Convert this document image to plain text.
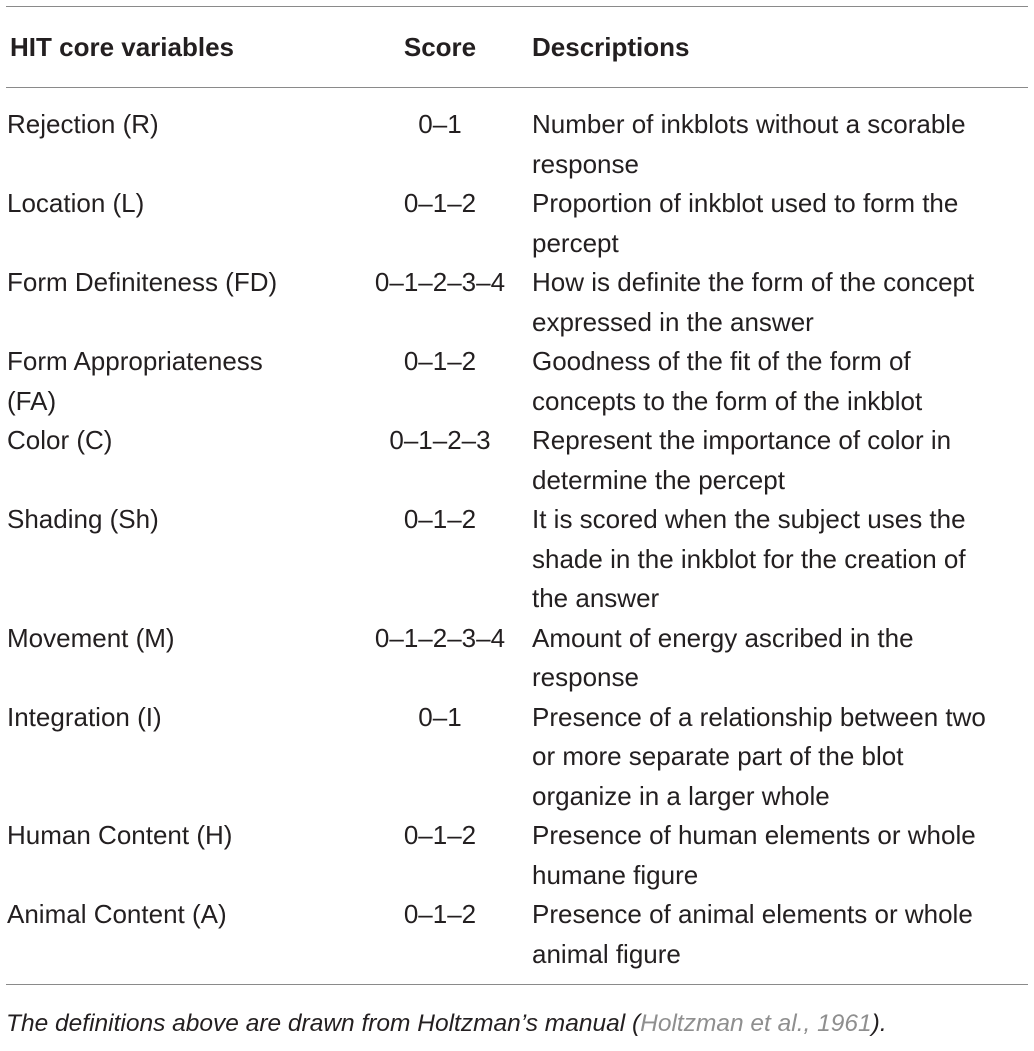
HIT core variables	Score	Descriptions
Rejection (R)	0–1	Number of inkblots without a scorable
response
Location (L)	0–1–2	Proportion of inkblot used to form the
percept
Form Definiteness (FD)	0–1–2–3–4	How is definite the form of the concept
expressed in the answer
Form Appropriateness
(FA)
0–1–2	Goodness of the fit of the form of
concepts to the form of the inkblot
Color (C)	0–1–2–3	Represent the importance of color in
determine the percept
Shading (Sh)	0–1–2	It is scored when the subject uses the
shade in the inkblot for the creation of
the answer
Movement (M)	0–1–2–3–4	Amount of energy ascribed in the
response
Integration (I)	0–1	Presence of a relationship between two
or more separate part of the blot
organize in a larger whole
Human Content (H)	0–1–2	Presence of human elements or whole
humane figure
Animal Content (A)	0–1–2	Presence of animal elements or whole
animal figure
The definitions above are drawn from Holtzman’s manual (Holtzman et al., 1961).
